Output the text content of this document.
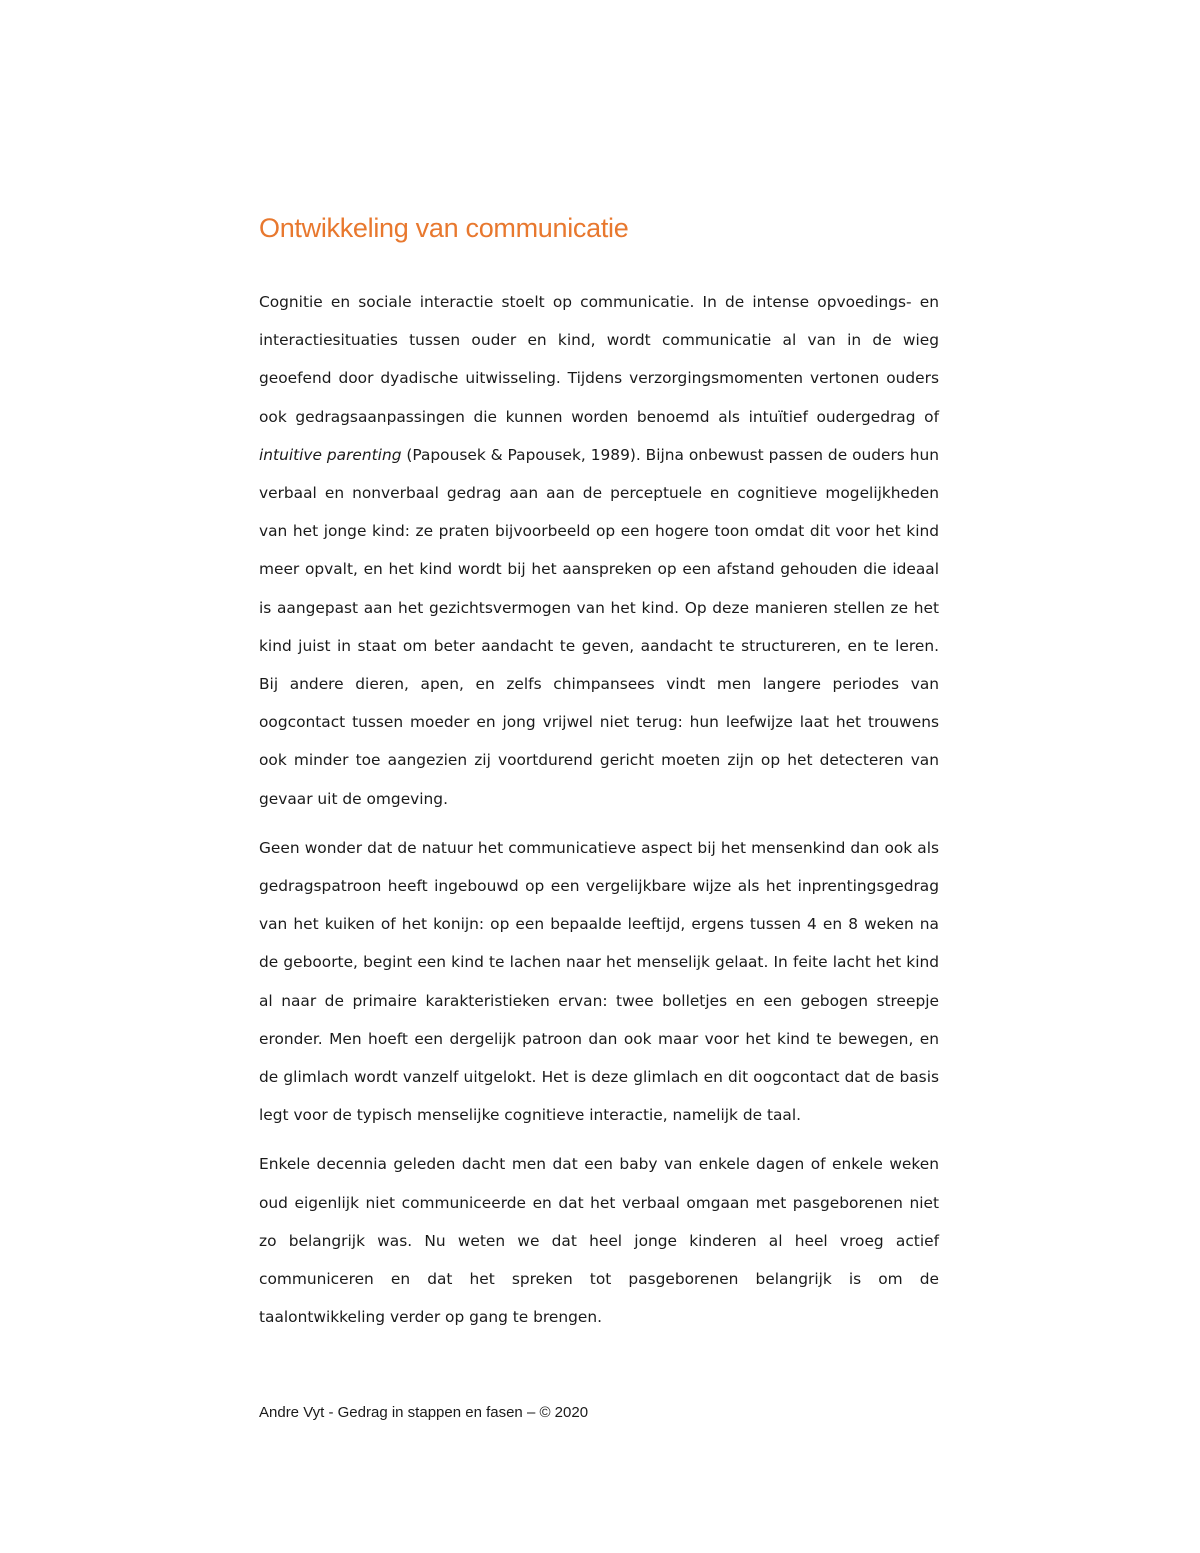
Ontwikkeling van communicatie

Cognitie en sociale interactie stoelt op communicatie. In de intense opvoedings- en interactiesituaties tussen ouder en kind, wordt communicatie al van in de wieg geoefend door dyadische uitwisseling. Tijdens verzorgingsmomenten vertonen ouders ook gedragsaanpassingen die kunnen worden benoemd als intuïtief oudergedrag of intuitive parenting (Papousek & Papousek, 1989). Bijna onbewust passen de ouders hun verbaal en nonverbaal gedrag aan aan de perceptuele en cognitieve mogelijkheden van het jonge kind: ze praten bijvoorbeeld op een hogere toon omdat dit voor het kind meer opvalt, en het kind wordt bij het aanspreken op een afstand gehouden die ideaal is aangepast aan het gezichtsvermogen van het kind. Op deze manieren stellen ze het kind juist in staat om beter aandacht te geven, aandacht te structureren, en te leren. Bij andere dieren, apen, en zelfs chimpansees vindt men langere periodes van oogcontact tussen moeder en jong vrijwel niet terug: hun leefwijze laat het trouwens ook minder toe aangezien zij voortdurend gericht moeten zijn op het detecteren van gevaar uit de omgeving.

Geen wonder dat de natuur het communicatieve aspect bij het mensenkind dan ook als gedragspatroon heeft ingebouwd op een vergelijkbare wijze als het inprentingsgedrag van het kuiken of het konijn: op een bepaalde leeftijd, ergens tussen 4 en 8 weken na de geboorte, begint een kind te lachen naar het menselijk gelaat. In feite lacht het kind al naar de primaire karakteristieken ervan: twee bolletjes en een gebogen streepje eronder. Men hoeft een dergelijk patroon dan ook maar voor het kind te bewegen, en de glimlach wordt vanzelf uitgelokt. Het is deze glimlach en dit oogcontact dat de basis legt voor de typisch menselijke cognitieve interactie, namelijk de taal.

Enkele decennia geleden dacht men dat een baby van enkele dagen of enkele weken oud eigenlijk niet communiceerde en dat het verbaal omgaan met pasgeborenen niet zo belangrijk was. Nu weten we dat heel jonge kinderen al heel vroeg actief communiceren en dat het spreken tot pasgeborenen belangrijk is om de taalontwikkeling verder op gang te brengen.

Andre Vyt - Gedrag in stappen en fasen – © 2020
